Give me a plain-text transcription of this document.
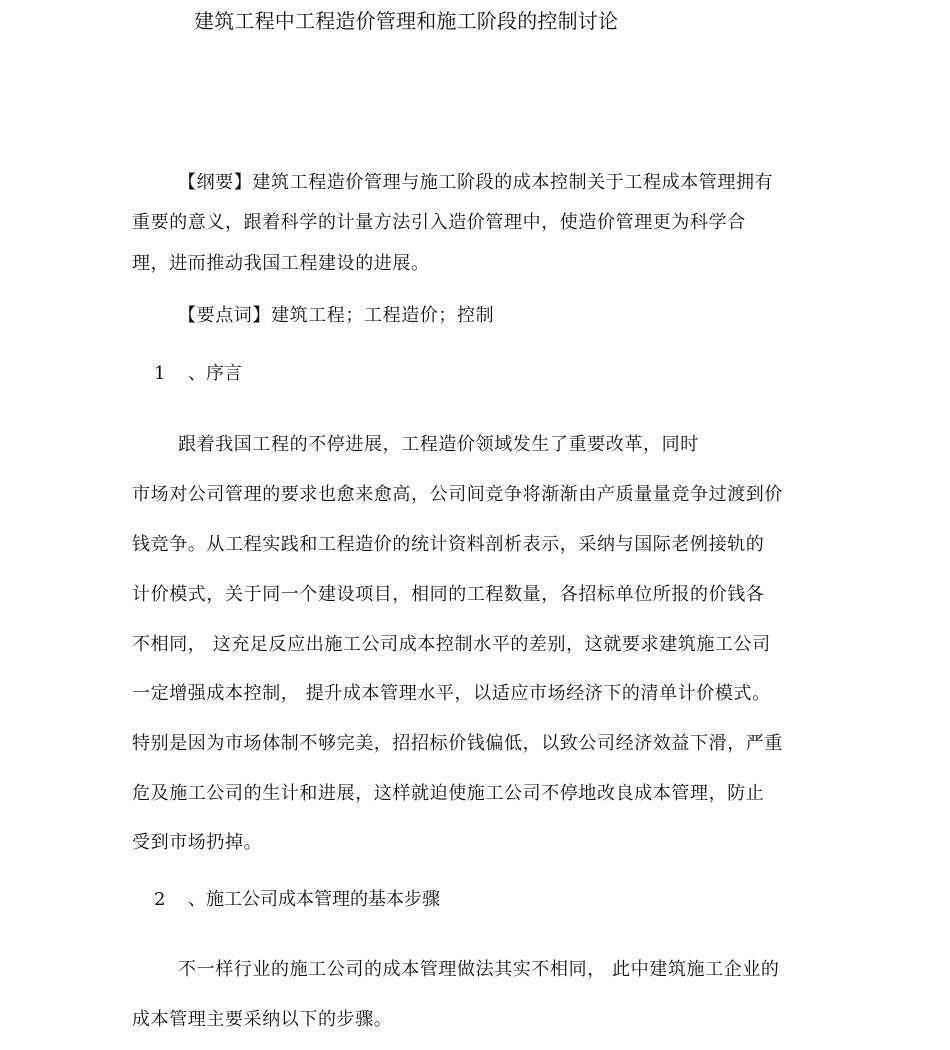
建筑工程中工程造价管理和施工阶段的控制讨论
【纲要】建筑工程造价管理与施工阶段的成本控制关于工程成本管理拥有
重要的意义，跟着科学的计量方法引入造价管理中，使造价管理更为科学合
理，进而推动我国工程建设的进展。
【要点词】建筑工程；工程造价；控制
1 、序言
跟着我国工程的不停进展，工程造价领域发生了重要改革，同时
市场对公司管理的要求也愈来愈高，公司间竞争将渐渐由产质量量竞争过渡到价
钱竞争。从工程实践和工程造价的统计资料剖析表示，采纳与国际老例接轨的
计价模式，关于同一个建设项目，相同的工程数量，各招标单位所报的价钱各
不相同， 这充足反应出施工公司成本控制水平的差别，这就要求建筑施工公司
一定增强成本控制， 提升成本管理水平，以适应市场经济下的清单计价模式。
特别是因为市场体制不够完美，招招标价钱偏低，以致公司经济效益下滑，严重
危及施工公司的生计和进展，这样就迫使施工公司不停地改良成本管理，防止
受到市场扔掉。
2 、施工公司成本管理的基本步骤
不一样行业的施工公司的成本管理做法其实不相同， 此中建筑施工企业的
成本管理主要采纳以下的步骤。
